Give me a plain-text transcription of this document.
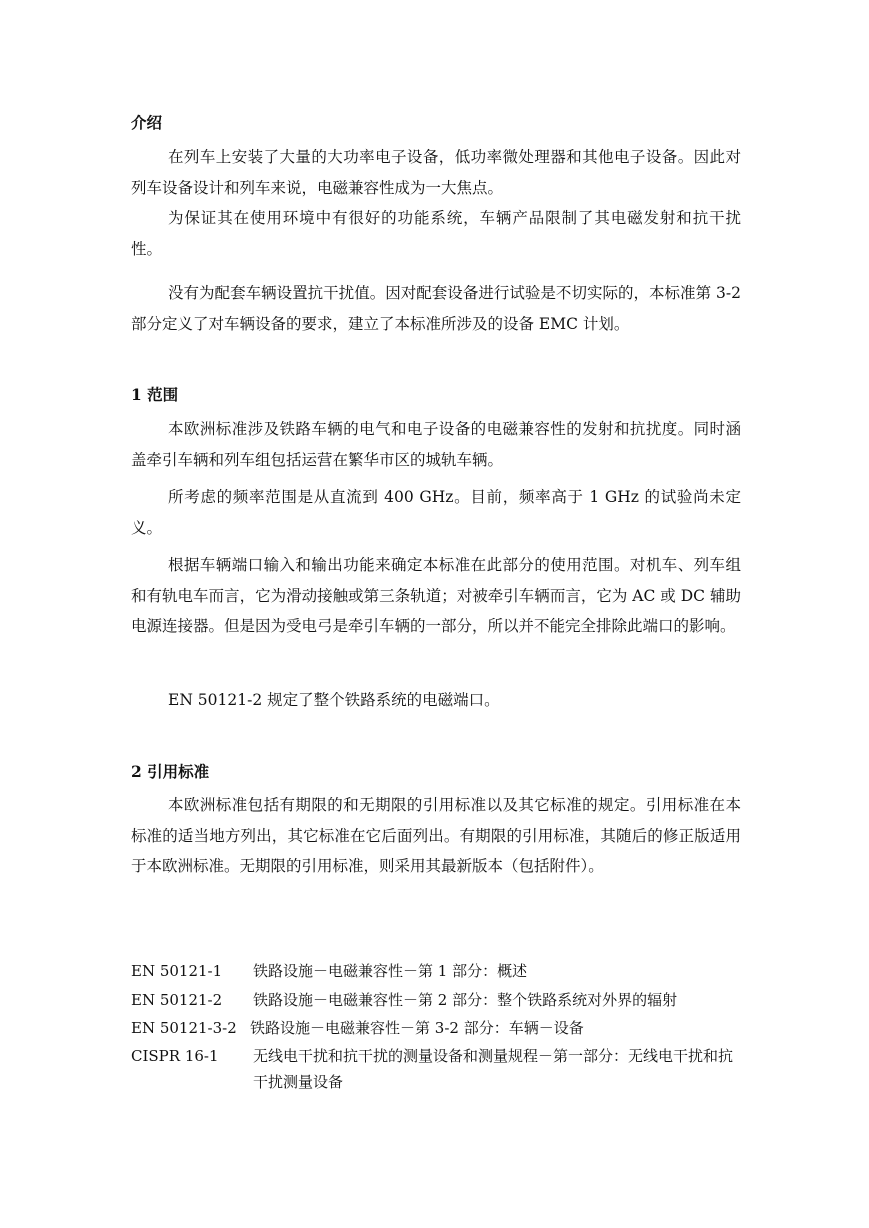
介绍

在列车上安装了大量的大功率电子设备，低功率微处理器和其他电子设备。因此对列车设备设计和列车来说，电磁兼容性成为一大焦点。

为保证其在使用环境中有很好的功能系统，车辆产品限制了其电磁发射和抗干扰性。

没有为配套车辆设置抗干扰值。因对配套设备进行试验是不切实际的，本标准第 3-2 部分定义了对车辆设备的要求，建立了本标准所涉及的设备 EMC 计划。

1 范围

本欧洲标准涉及铁路车辆的电气和电子设备的电磁兼容性的发射和抗扰度。同时涵盖牵引车辆和列车组包括运营在繁华市区的城轨车辆。

所考虑的频率范围是从直流到 400 GHz。目前，频率高于 1 GHz 的试验尚未定义。

根据车辆端口输入和输出功能来确定本标准在此部分的使用范围。对机车、列车组和有轨电车而言，它为滑动接触或第三条轨道；对被牵引车辆而言，它为 AC 或 DC 辅助电源连接器。但是因为受电弓是牵引车辆的一部分，所以并不能完全排除此端口的影响。

EN 50121-2 规定了整个铁路系统的电磁端口。

2 引用标准

本欧洲标准包括有期限的和无期限的引用标准以及其它标准的规定。引用标准在本标准的适当地方列出，其它标准在它后面列出。有期限的引用标准，其随后的修正版适用于本欧洲标准。无期限的引用标准，则采用其最新版本（包括附件）。

EN 50121-1 铁路设施－电磁兼容性－第 1 部分：概述
EN 50121-2 铁路设施－电磁兼容性－第 2 部分：整个铁路系统对外界的辐射
EN 50121-3-2 铁路设施－电磁兼容性－第 3-2 部分：车辆－设备
CISPR 16-1 无线电干扰和抗干扰的测量设备和测量规程－第一部分：无线电干扰和抗干扰测量设备
